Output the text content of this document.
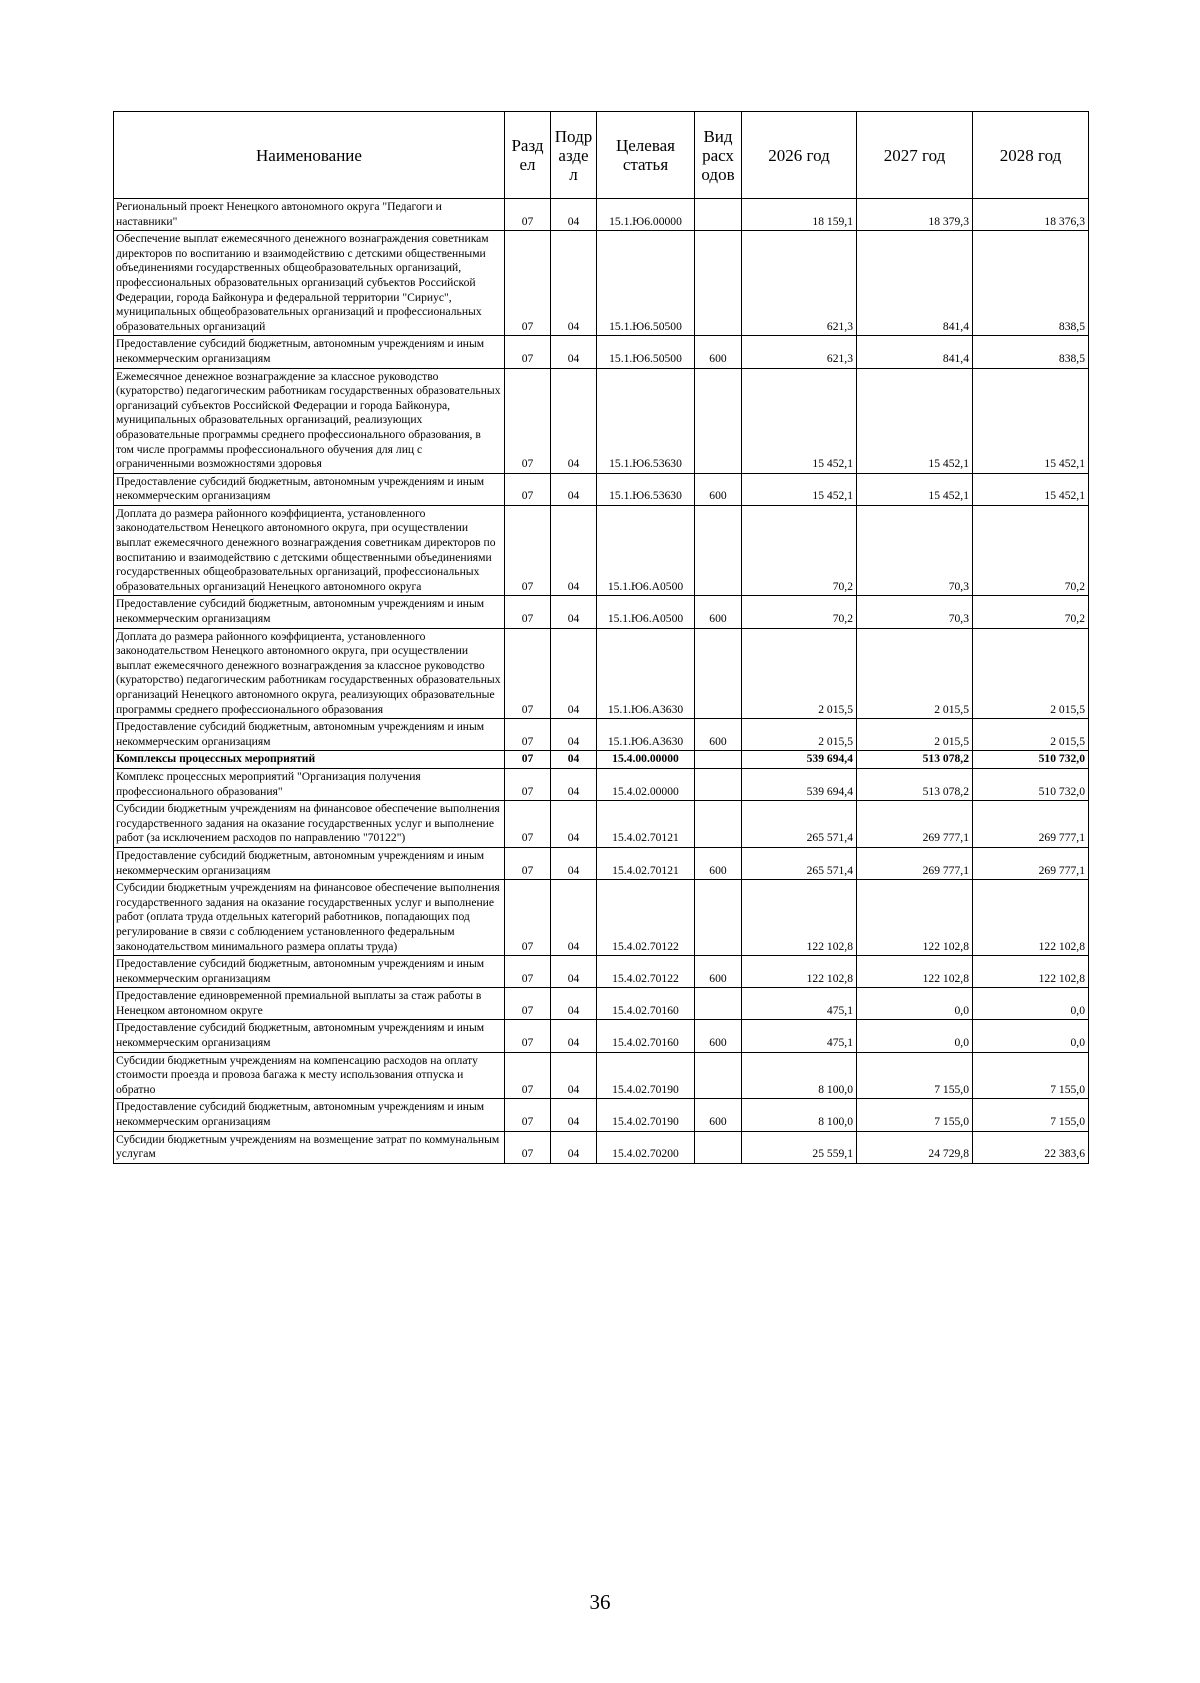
Наименование	Разд ел	Подр азде л	Целевая статья	Вид расх одов	2026 год	2027 год	2028 год
Региональный проект Ненецкого автономного округа "Педагоги и наставники"	07	04	15.1.Ю6.00000		18 159,1	18 379,3	18 376,3
Обеспечение выплат ежемесячного денежного вознаграждения советникам директоров по воспитанию и взаимодействию с детскими общественными объединениями государственных общеобразовательных организаций, профессиональных образовательных организаций субъектов Российской Федерации, города Байконура и федеральной территории "Сириус", муниципальных общеобразовательных организаций и профессиональных образовательных организаций	07	04	15.1.Ю6.50500		621,3	841,4	838,5
Предоставление субсидий бюджетным, автономным учреждениям и иным некоммерческим организациям	07	04	15.1.Ю6.50500	600	621,3	841,4	838,5
Ежемесячное денежное вознаграждение за классное руководство (кураторство) педагогическим работникам государственных образовательных организаций субъектов Российской Федерации и города Байконура, муниципальных образовательных организаций, реализующих образовательные программы среднего профессионального образования, в том числе программы профессионального обучения для лиц с ограниченными возможностями здоровья	07	04	15.1.Ю6.53630		15 452,1	15 452,1	15 452,1
Предоставление субсидий бюджетным, автономным учреждениям и иным некоммерческим организациям	07	04	15.1.Ю6.53630	600	15 452,1	15 452,1	15 452,1
Доплата до размера районного коэффициента, установленного законодательством Ненецкого автономного округа, при осуществлении выплат ежемесячного денежного вознаграждения советникам директоров по воспитанию и взаимодействию с детскими общественными объединениями государственных общеобразовательных организаций, профессиональных образовательных организаций Ненецкого автономного округа	07	04	15.1.Ю6.А0500		70,2	70,3	70,2
Предоставление субсидий бюджетным, автономным учреждениям и иным некоммерческим организациям	07	04	15.1.Ю6.А0500	600	70,2	70,3	70,2
Доплата до размера районного коэффициента, установленного законодательством Ненецкого автономного округа, при осуществлении выплат ежемесячного денежного вознаграждения за классное руководство (кураторство) педагогическим работникам государственных образовательных организаций Ненецкого автономного округа, реализующих образовательные программы среднего профессионального образования	07	04	15.1.Ю6.А3630		2 015,5	2 015,5	2 015,5
Предоставление субсидий бюджетным, автономным учреждениям и иным некоммерческим организациям	07	04	15.1.Ю6.А3630	600	2 015,5	2 015,5	2 015,5
Комплексы процессных мероприятий	07	04	15.4.00.00000		539 694,4	513 078,2	510 732,0
Комплекс процессных мероприятий "Организация получения профессионального образования"	07	04	15.4.02.00000		539 694,4	513 078,2	510 732,0
Субсидии бюджетным учреждениям на финансовое обеспечение выполнения государственного задания на оказание государственных услуг и выполнение работ (за исключением расходов по направлению "70122")	07	04	15.4.02.70121		265 571,4	269 777,1	269 777,1
Предоставление субсидий бюджетным, автономным учреждениям и иным некоммерческим организациям	07	04	15.4.02.70121	600	265 571,4	269 777,1	269 777,1
Субсидии бюджетным учреждениям на финансовое обеспечение выполнения государственного задания на оказание государственных услуг и выполнение работ (оплата труда отдельных категорий работников, попадающих под регулирование в связи с соблюдением установленного федеральным законодательством минимального размера оплаты труда)	07	04	15.4.02.70122		122 102,8	122 102,8	122 102,8
Предоставление субсидий бюджетным, автономным учреждениям и иным некоммерческим организациям	07	04	15.4.02.70122	600	122 102,8	122 102,8	122 102,8
Предоставление единовременной премиальной выплаты за стаж работы в Ненецком автономном округе	07	04	15.4.02.70160		475,1	0,0	0,0
Предоставление субсидий бюджетным, автономным учреждениям и иным некоммерческим организациям	07	04	15.4.02.70160	600	475,1	0,0	0,0
Субсидии бюджетным учреждениям на компенсацию расходов на оплату стоимости проезда и провоза багажа к месту использования отпуска и обратно	07	04	15.4.02.70190		8 100,0	7 155,0	7 155,0
Предоставление субсидий бюджетным, автономным учреждениям и иным некоммерческим организациям	07	04	15.4.02.70190	600	8 100,0	7 155,0	7 155,0
Субсидии бюджетным учреждениям на возмещение затрат по коммунальным услугам	07	04	15.4.02.70200		25 559,1	24 729,8	22 383,6
36
